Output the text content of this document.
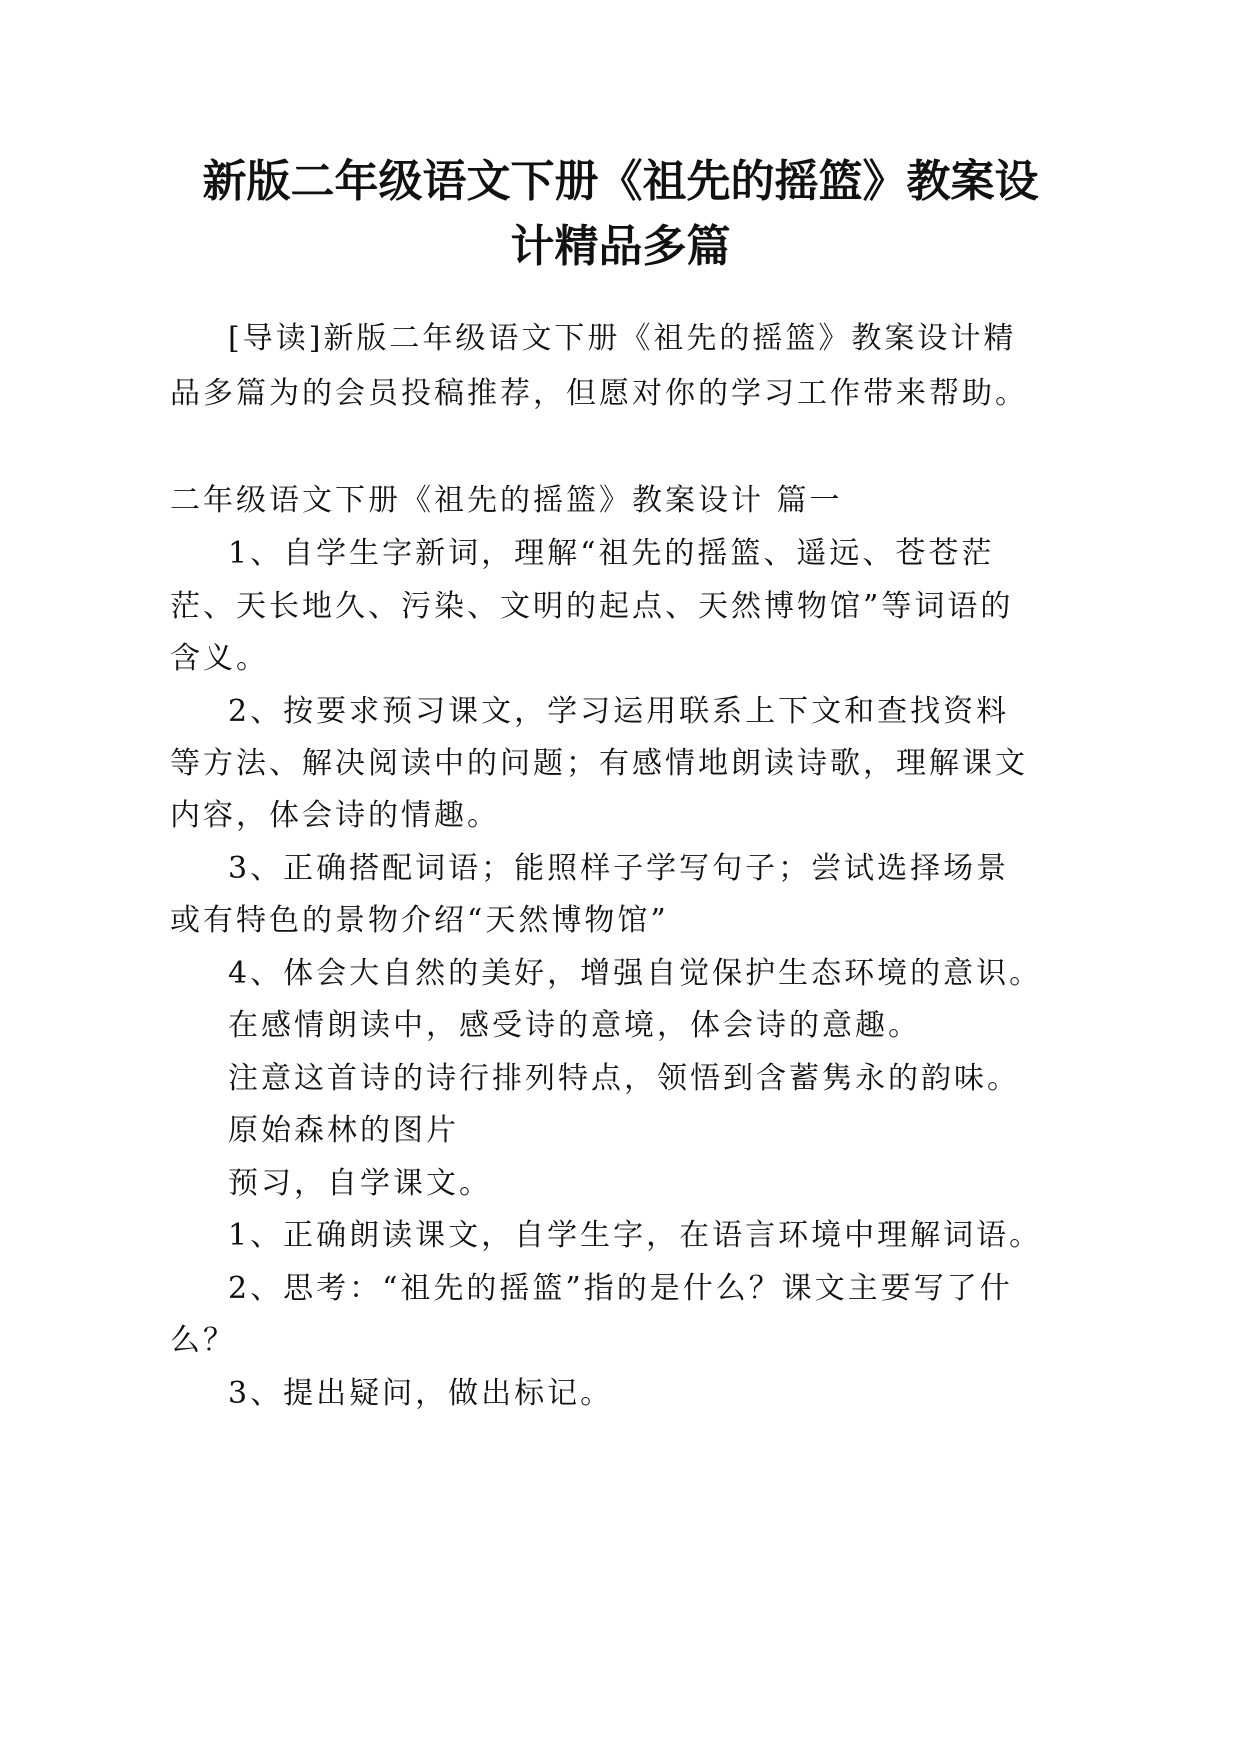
新版二年级语文下册《祖先的摇篮》教案设
计精品多篇

[导读]新版二年级语文下册《祖先的摇篮》教案设计精

品多篇为的会员投稿推荐，但愿对你的学习工作带来帮助。

二年级语文下册《祖先的摇篮》教案设计 篇一

1、自学生字新词，理解“祖先的摇篮、遥远、苍苍茫

茫、天长地久、污染、文明的起点、天然博物馆”等词语的

含义。

2、按要求预习课文，学习运用联系上下文和查找资料

等方法、解决阅读中的问题；有感情地朗读诗歌，理解课文

内容，体会诗的情趣。

3、正确搭配词语；能照样子学写句子；尝试选择场景

或有特色的景物介绍“天然博物馆”

4、体会大自然的美好，增强自觉保护生态环境的意识。

在感情朗读中，感受诗的意境，体会诗的意趣。

注意这首诗的诗行排列特点，领悟到含蓄隽永的韵味。

原始森林的图片

预习，自学课文。

1、正确朗读课文，自学生字，在语言环境中理解词语。

2、思考：“祖先的摇篮”指的是什么？课文主要写了什

么？

3、提出疑问，做出标记。
